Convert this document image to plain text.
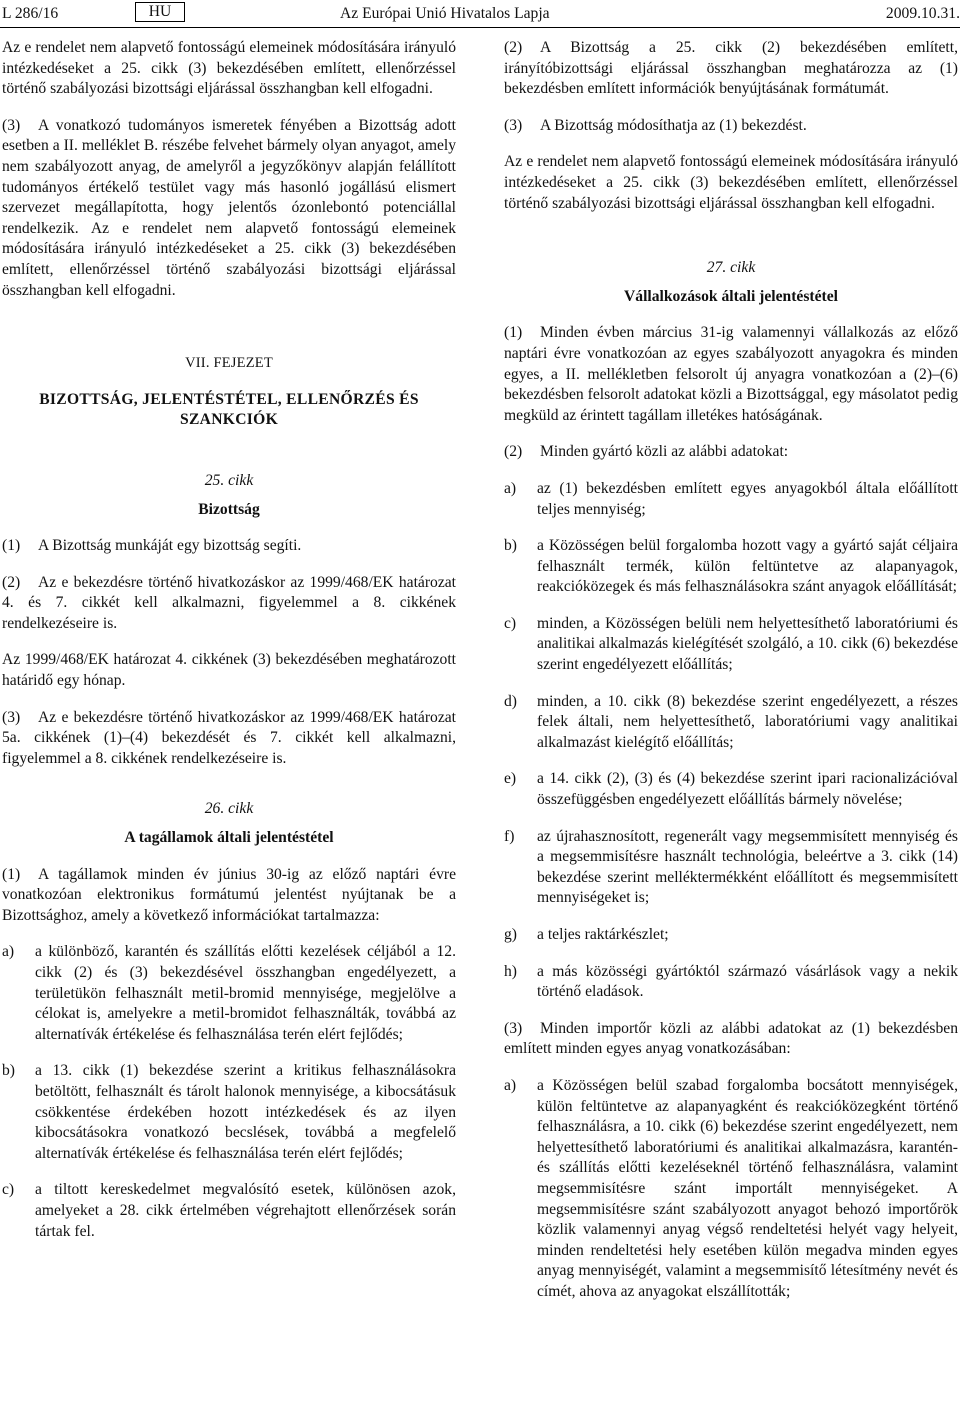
L 286/16	HU	Az Európai Unió Hivatalos Lapja	2009.10.31.

Az e rendelet nem alapvető fontosságú elemeinek módosítására irányuló intézkedéseket a 25. cikk (3) bekezdésében említett, ellenőrzéssel történő szabályozási bizottsági eljárással összhangban kell elfogadni.

(3) A vonatkozó tudományos ismeretek fényében a Bizottság adott esetben a II. melléklet B. részébe felvehet bármely olyan anyagot, amely nem szabályozott anyag, de amelyről a jegyzőkönyv alapján felállított tudományos értékelő testület vagy más hasonló jogállású elismert szervezet megállapította, hogy jelentős ózonlebontó potenciállal rendelkezik. Az e rendelet nem alapvető fontosságú elemeinek módosítására irányuló intézkedéseket a 25. cikk (3) bekezdésében említett, ellenőrzéssel történő szabályozási bizottsági eljárással összhangban kell elfogadni.

VII. FEJEZET
BIZOTTSÁG, JELENTÉSTÉTEL, ELLENŐRZÉS ÉS SZANKCIÓK
25. cikk
Bizottság

(1) A Bizottság munkáját egy bizottság segíti.

(2) Az e bekezdésre történő hivatkozáskor az 1999/468/EK határozat 4. és 7. cikkét kell alkalmazni, figyelemmel a 8. cikkének rendelkezéseire is.

Az 1999/468/EK határozat 4. cikkének (3) bekezdésében meghatározott határidő egy hónap.

(3) Az e bekezdésre történő hivatkozáskor az 1999/468/EK határozat 5a. cikkének (1)–(4) bekezdését és 7. cikkét kell alkalmazni, figyelemmel a 8. cikkének rendelkezéseire is.

26. cikk
A tagállamok általi jelentéstétel

(1) A tagállamok minden év június 30-ig az előző naptári évre vonatkozóan elektronikus formátumú jelentést nyújtanak be a Bizottsághoz, amely a következő információkat tartalmazza:

a)	a különböző, karantén és szállítás előtti kezelések céljából a 12. cikk (2) és (3) bekezdésével összhangban engedélyezett, a területükön felhasznált metil-bromid mennyisége, megjelölve a célokat is, amelyekre a metil-bromidot felhasználták, továbbá az alternatívák értékelése és felhasználása terén elért fejlődés;
b)	a 13. cikk (1) bekezdése szerint a kritikus felhasználásokra betöltött, felhasznált és tárolt halonok mennyisége, a kibocsátásuk csökkentése érdekében hozott intézkedések és az ilyen kibocsátásokra vonatkozó becslések, továbbá a megfelelő alternatívák értékelése és felhasználása terén elért fejlődés;
c)	a tiltott kereskedelmet megvalósító esetek, különösen azok, amelyeket a 28. cikk értelmében végrehajtott ellenőrzések során tártak fel.

(2) A Bizottság a 25. cikk (2) bekezdésében említett, irányítóbizottsági eljárással összhangban meghatározza az (1) bekezdésben említett információk benyújtásának formátumát.

(3) A Bizottság módosíthatja az (1) bekezdést.

Az e rendelet nem alapvető fontosságú elemeinek módosítására irányuló intézkedéseket a 25. cikk (3) bekezdésében említett, ellenőrzéssel történő szabályozási bizottsági eljárással összhangban kell elfogadni.

27. cikk
Vállalkozások általi jelentéstétel

(1) Minden évben március 31-ig valamennyi vállalkozás az előző naptári évre vonatkozóan az egyes szabályozott anyagokra és minden egyes, a II. mellékletben felsorolt új anyagra vonatkozóan a (2)–(6) bekezdésben felsorolt adatokat közli a Bizottsággal, egy másolatot pedig megküld az érintett tagállam illetékes hatóságának.

(2) Minden gyártó közli az alábbi adatokat:

a)	az (1) bekezdésben említett egyes anyagokból általa előállított teljes mennyiség;
b)	a Közösségen belül forgalomba hozott vagy a gyártó saját céljaira felhasznált termék, külön feltüntetve az alapanyagok, reakcióközegek és más felhasználásokra szánt anyagok előállítását;
c)	minden, a Közösségen belüli nem helyettesíthető laboratóriumi és analitikai alkalmazás kielégítését szolgáló, a 10. cikk (6) bekezdése szerint engedélyezett előállítás;
d)	minden, a 10. cikk (8) bekezdése szerint engedélyezett, a részes felek általi, nem helyettesíthető, laboratóriumi vagy analitikai alkalmazást kielégítő előállítás;
e)	a 14. cikk (2), (3) és (4) bekezdése szerint ipari racionalizációval összefüggésben engedélyezett előállítás bármely növelése;
f)	az újrahasznosított, regenerált vagy megsemmisített mennyiség és a megsemmisítésre használt technológia, beleértve a 3. cikk (14) bekezdése szerint melléktermékként előállított és megsemmisített mennyiségeket is;
g)	a teljes raktárkészlet;
h)	a más közösségi gyártóktól származó vásárlások vagy a nekik történő eladások.

(3) Minden importőr közli az alábbi adatokat az (1) bekezdésben említett minden egyes anyag vonatkozásában:

a)	a Közösségen belül szabad forgalomba bocsátott mennyiségek, külön feltüntetve az alapanyagként és reakcióközegként történő felhasználásra, a 10. cikk (6) bekezdése szerint engedélyezett, nem helyettesíthető laboratóriumi és analitikai alkalmazásra, karantén- és szállítás előtti kezeléseknél történő felhasználásra, valamint megsemmisítésre szánt importált mennyiségeket. A megsemmisítésre szánt szabályozott anyagot behozó importőrök közlik valamennyi anyag végső rendeltetési helyét vagy helyeit, minden rendeltetési hely esetében külön megadva minden egyes anyag mennyiségét, valamint a megsemmisítő létesítmény nevét és címét, ahova az anyagokat elszállították;
